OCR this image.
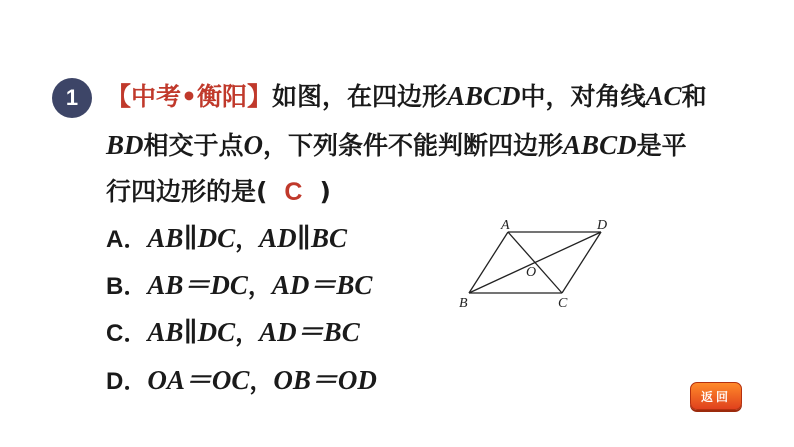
1	【中考•衡阳】如图，在四边形ABCD中，对角线AC和
BD相交于点O，下列条件不能判断四边形ABCD是平
行四边形的是( C )
A．AB∥DC，AD∥BC
B．AB＝DC，AD＝BC
C．AB∥DC，AD＝BC
D．OA＝OC，OB＝OD
A	D
O
B	C
返回
